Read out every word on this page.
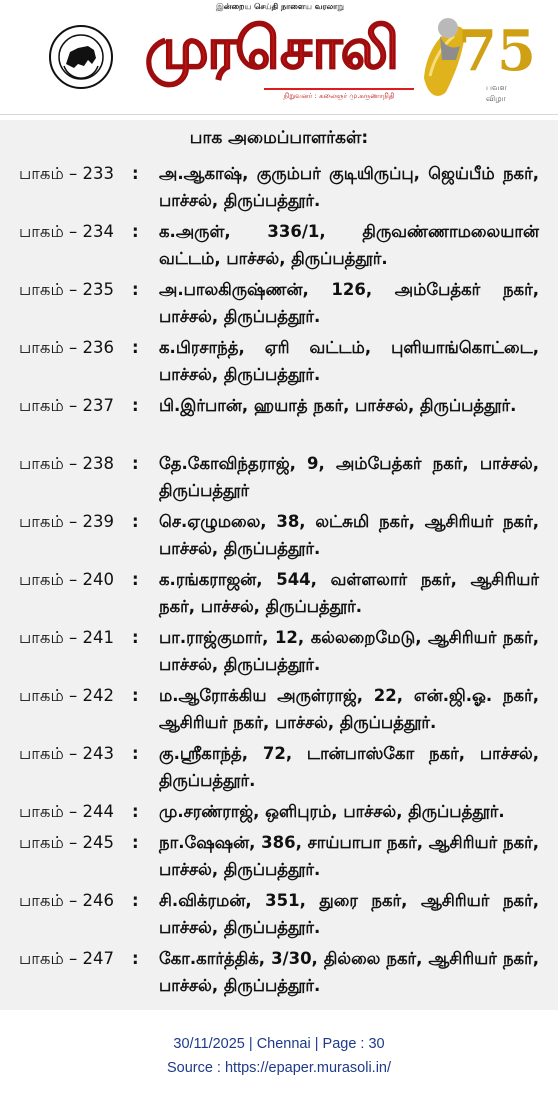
இன்றைய செய்தி நாளைய வரலாறு
முரசொலி
நிறுவனர் : கலைஞர் மு.கருணாநிதி
75
பவள
விழா
பாக அமைப்பாளர்கள்:
பாகம் – 233	:	அ.ஆகாஷ், குரும்பர் குடியிருப்பு, ஜெய்பீம் நகர், பாச்சல், திருப்பத்தூர்.
பாகம் – 234	:	க.அருள், 336/1, திருவண்ணாமலையான் வட்டம், பாச்சல், திருப்பத்தூர்.
பாகம் – 235	:	அ.பாலகிருஷ்ணன், 126, அம்பேத்கர் நகர், பாச்சல், திருப்பத்தூர்.
பாகம் – 236	:	க.பிரசாந்த், ஏரி வட்டம், புளியாங்கொட்டை, பாச்சல், திருப்பத்தூர்.
பாகம் – 237	:	பி.இர்பான், ஹயாத் நகர், பாச்சல், திருப்பத்தூர்.
பாகம் – 238	:	தே.கோவிந்தராஜ், 9, அம்பேத்கர் நகர், பாச்சல், திருப்பத்தூர்
பாகம் – 239	:	செ.ஏழுமலை, 38, லட்சுமி நகர், ஆசிரியர் நகர், பாச்சல், திருப்பத்தூர்.
பாகம் – 240	:	க.ரங்கராஜன், 544, வள்ளலார் நகர், ஆசிரியர் நகர், பாச்சல், திருப்பத்தூர்.
பாகம் – 241	:	பா.ராஜ்குமார், 12, கல்லறைமேடு, ஆசிரியர் நகர், பாச்சல், திருப்பத்தூர்.
பாகம் – 242	:	ம.ஆரோக்கிய அருள்ராஜ், 22, என்.ஜி.ஓ. நகர், ஆசிரியர் நகர், பாச்சல், திருப்பத்தூர்.
பாகம் – 243	:	கு.ஸ்ரீகாந்த், 72, டான்பாஸ்கோ நகர், பாச்சல், திருப்பத்தூர்.
பாகம் – 244	:	மு.சரண்ராஜ், ஒளிபுரம், பாச்சல், திருப்பத்தூர்.
பாகம் – 245	:	நா.ஷேஷன், 386, சாய்பாபா நகர், ஆசிரியர் நகர், பாச்சல், திருப்பத்தூர்.
பாகம் – 246	:	சி.விக்ரமன், 351, துரை நகர், ஆசிரியர் நகர், பாச்சல், திருப்பத்தூர்.
பாகம் – 247	:	கோ.கார்த்திக், 3/30, தில்லை நகர், ஆசிரியர் நகர், பாச்சல், திருப்பத்தூர்.
30/11/2025 | Chennai | Page : 30
Source : https://epaper.murasoli.in/
